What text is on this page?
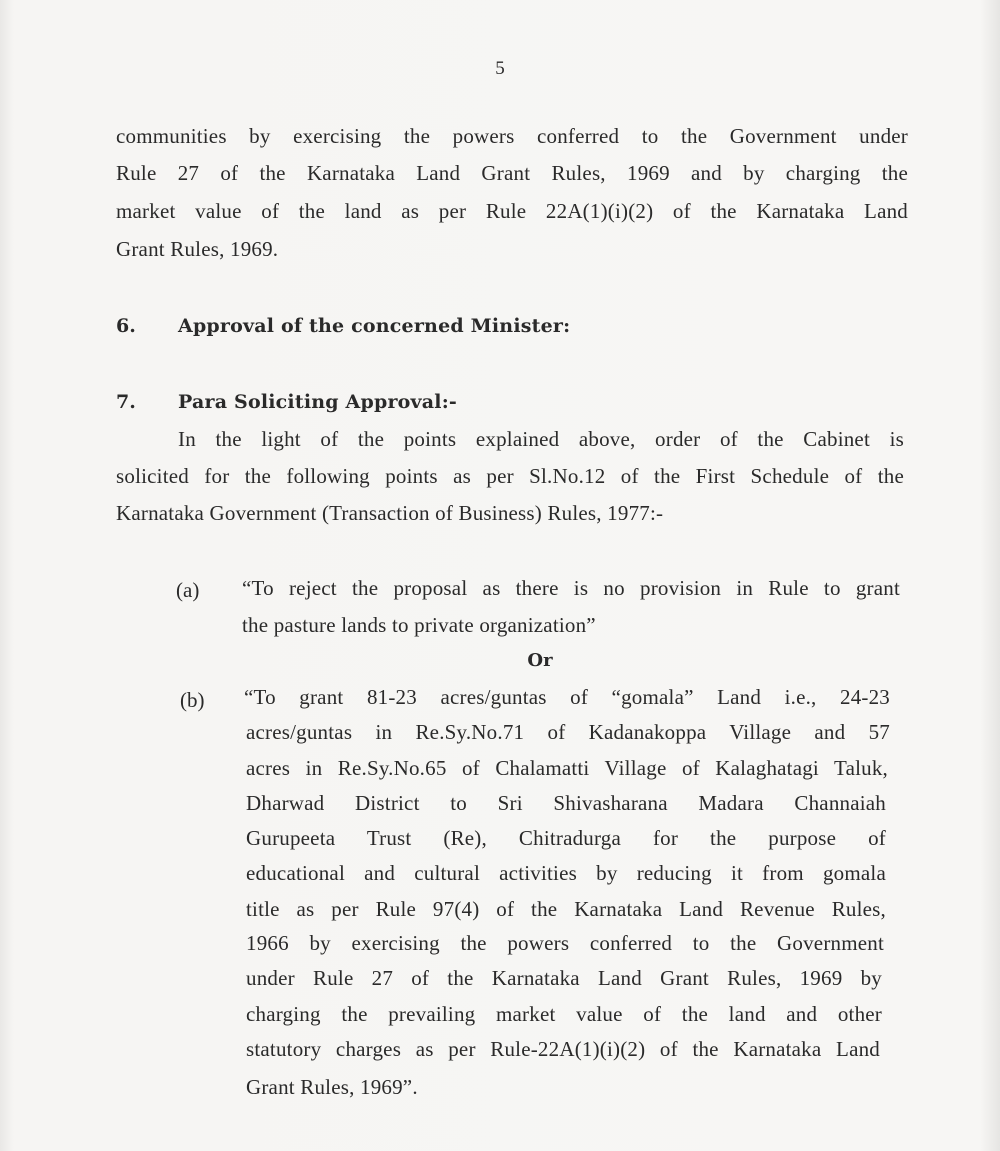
5
communities by exercising the powers conferred to the Government under
Rule 27 of the Karnataka Land Grant Rules, 1969 and by charging the
market value of the land as per Rule 22A(1)(i)(2) of the Karnataka Land
Grant Rules, 1969.
6. Approval of the concerned Minister:
7. Para Soliciting Approval:-
In the light of the points explained above, order of the Cabinet is
solicited for the following points as per Sl.No.12 of the First Schedule of the
Karnataka Government (Transaction of Business) Rules, 1977:-
(a) “To reject the proposal as there is no provision in Rule to grant
the pasture lands to private organization”
Or
(b) “To grant 81-23 acres/guntas of “gomala” Land i.e., 24-23
acres/guntas in Re.Sy.No.71 of Kadanakoppa Village and 57
acres in Re.Sy.No.65 of Chalamatti Village of Kalaghatagi Taluk,
Dharwad District to Sri Shivasharana Madara Channaiah
Gurupeeta Trust (Re), Chitradurga for the purpose of
educational and cultural activities by reducing it from gomala
title as per Rule 97(4) of the Karnataka Land Revenue Rules,
1966 by exercising the powers conferred to the Government
under Rule 27 of the Karnataka Land Grant Rules, 1969 by
charging the prevailing market value of the land and other
statutory charges as per Rule-22A(1)(i)(2) of the Karnataka Land
Grant Rules, 1969”.
